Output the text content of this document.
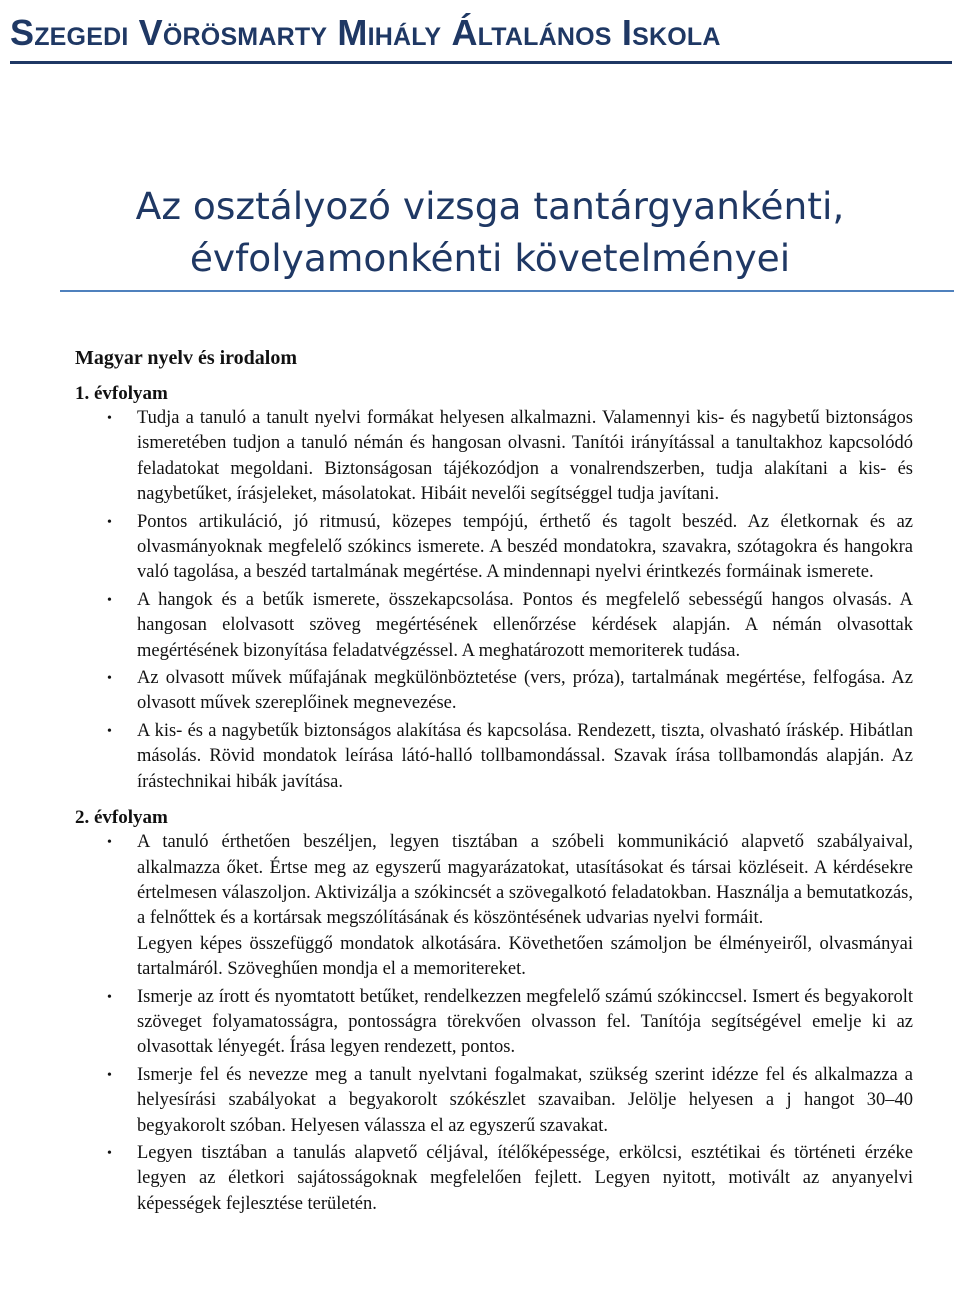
Szegedi Vörösmarty Mihály Általános Iskola
Az osztályozó vizsga tantárgyankénti,
évfolyamonkénti követelményei
Magyar nyelv és irodalom
1. évfolyam
• Tudja a tanuló a tanult nyelvi formákat helyesen alkalmazni. Valamennyi kis- és nagybetű biztonságos ismeretében tudjon a tanuló némán és hangosan olvasni. Tanítói irányítással a tanultakhoz kapcsolódó feladatokat megoldani. Biztonságosan tájékozódjon a vonalrendszerben, tudja alakítani a kis- és nagybetűket, írásjeleket, másolatokat. Hibáit nevelői segítséggel tudja javítani.
• Pontos artikuláció, jó ritmusú, közepes tempójú, érthető és tagolt beszéd. Az életkornak és az olvasmányoknak megfelelő szókincs ismerete. A beszéd mondatokra, szavakra, szótagokra és hangokra való tagolása, a beszéd tartalmának megértése. A mindennapi nyelvi érintkezés formáinak ismerete.
• A hangok és a betűk ismerete, összekapcsolása. Pontos és megfelelő sebességű hangos olvasás. A hangosan elolvasott szöveg megértésének ellenőrzése kérdések alapján. A némán olvasottak megértésének bizonyítása feladatvégzéssel. A meghatározott memoriterek tudása.
• Az olvasott művek műfajának megkülönböztetése (vers, próza), tartalmának megértése, felfogása. Az olvasott művek szereplőinek megnevezése.
• A kis- és a nagybetűk biztonságos alakítása és kapcsolása. Rendezett, tiszta, olvasható íráskép. Hibátlan másolás. Rövid mondatok leírása látó-halló tollbamondással. Szavak írása tollbamondás alapján. Az írástechnikai hibák javítása.
2. évfolyam
• A tanuló érthetően beszéljen, legyen tisztában a szóbeli kommunikáció alapvető szabályaival, alkalmazza őket. Értse meg az egyszerű magyarázatokat, utasításokat és társai közléseit. A kérdésekre értelmesen válaszoljon. Aktivizálja a szókincsét a szövegalkotó feladatokban. Használja a bemutatkozás, a felnőttek és a kortársak megszólításának és köszöntésének udvarias nyelvi formáit.
Legyen képes összefüggő mondatok alkotására. Követhetően számoljon be élményeiről, olvasmányai tartalmáról. Szöveghűen mondja el a memoritereket.
• Ismerje az írott és nyomtatott betűket, rendelkezzen megfelelő számú szókinccsel. Ismert és begyakorolt szöveget folyamatosságra, pontosságra törekvően olvasson fel. Tanítója segítségével emelje ki az olvasottak lényegét. Írása legyen rendezett, pontos.
• Ismerje fel és nevezze meg a tanult nyelvtani fogalmakat, szükség szerint idézze fel és alkalmazza a helyesírási szabályokat a begyakorolt szókészlet szavaiban. Jelölje helyesen a j hangot 30–40 begyakorolt szóban. Helyesen válassza el az egyszerű szavakat.
• Legyen tisztában a tanulás alapvető céljával, ítélőképessége, erkölcsi, esztétikai és történeti érzéke legyen az életkori sajátosságoknak megfelelően fejlett. Legyen nyitott, motivált az anyanyelvi képességek fejlesztése területén.
